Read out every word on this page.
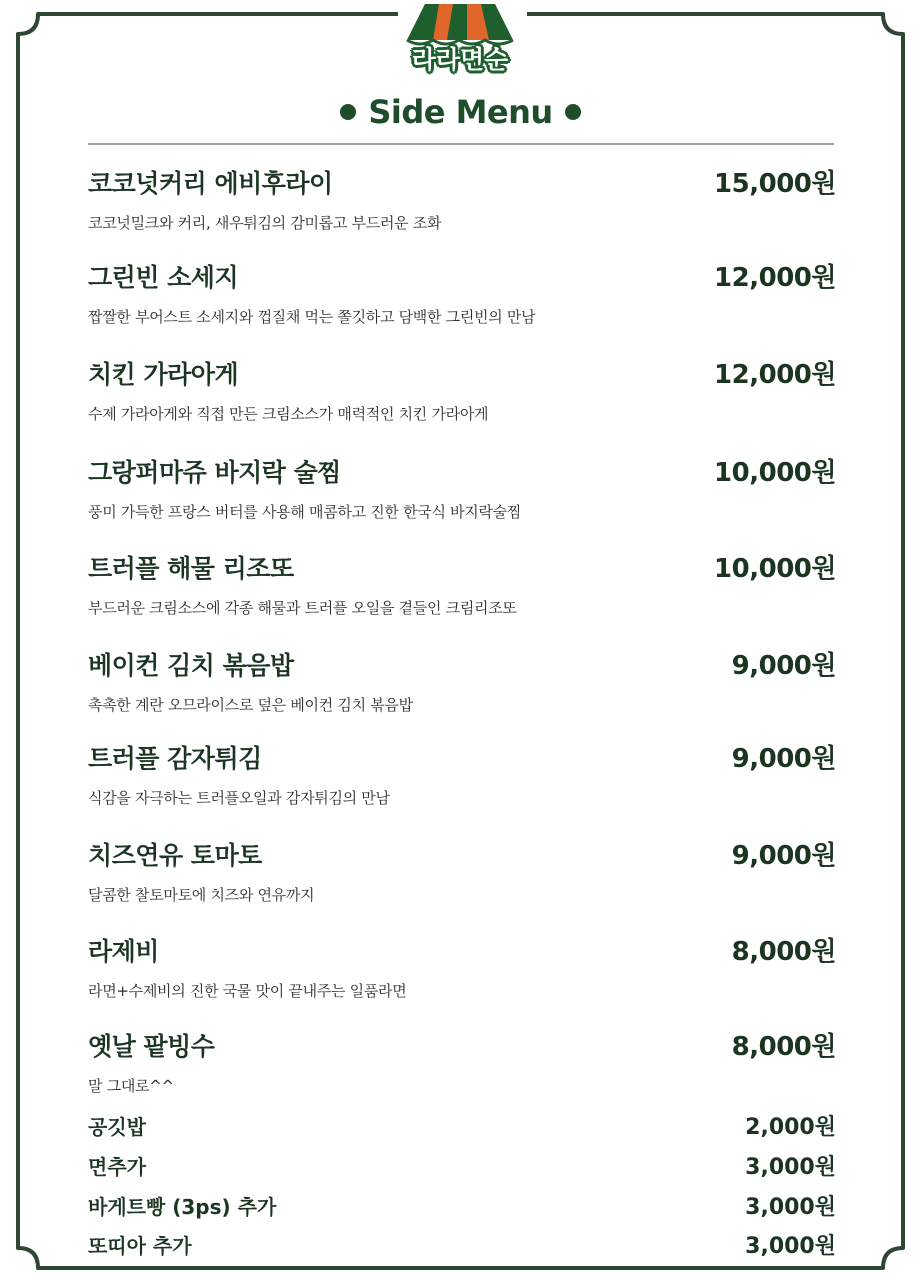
라라면순
Side Menu
코코넛커리 에비후라이	15,000원
코코넛밀크와 커리, 새우튀김의 감미롭고 부드러운 조화
그린빈 소세지	12,000원
짭짤한 부어스트 소세지와 껍질채 먹는 쫄깃하고 담백한 그린빈의 만남
치킨 가라아게	12,000원
수제 가라아게와 직접 만든 크림소스가 매력적인 치킨 가라아게
그랑퍼마쥬 바지락 술찜	10,000원
풍미 가득한 프랑스 버터를 사용해 매콤하고 진한 한국식 바지락술찜
트러플 해물 리조또	10,000원
부드러운 크림소스에 각종 해물과 트러플 오일을 곁들인 크림리조또
베이컨 김치 볶음밥	9,000원
촉촉한 계란 오므라이스로 덮은 베이컨 김치 볶음밥
트러플 감자튀김	9,000원
식감을 자극하는 트러플오일과 감자튀김의 만남
치즈연유 토마토	9,000원
달콤한 찰토마토에 치즈와 연유까지
라제비	8,000원
라면+수제비의 진한 국물 맛이 끝내주는 일품라면
옛날 팥빙수	8,000원
말 그대로^^
공깃밥	2,000원
면추가	3,000원
바게트빵 (3ps) 추가	3,000원
또띠아 추가	3,000원
